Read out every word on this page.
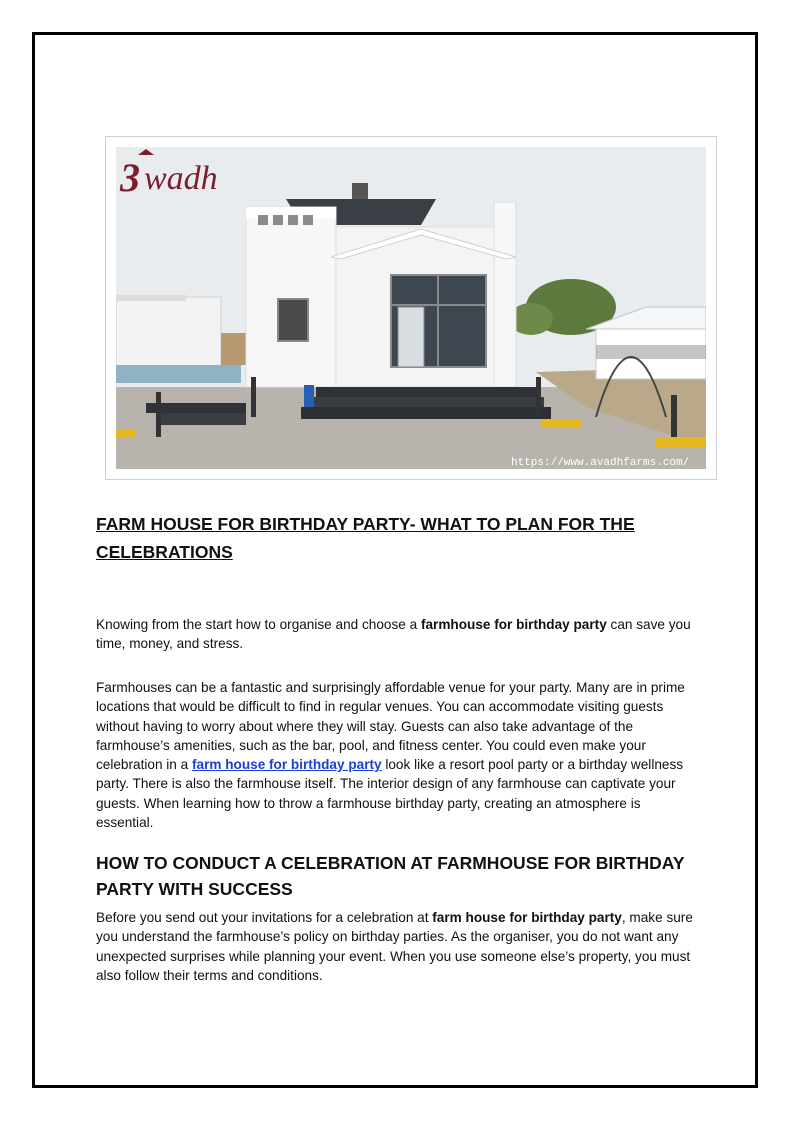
3 wadh
https://www.avadhfarms.com/
FARM HOUSE FOR BIRTHDAY PARTY- WHAT TO PLAN FOR THE CELEBRATIONS

Knowing from the start how to organise and choose a farmhouse for birthday party can save you time, money, and stress.

Farmhouses can be a fantastic and surprisingly affordable venue for your party. Many are in prime locations that would be difficult to find in regular venues. You can accommodate visiting guests without having to worry about where they will stay. Guests can also take advantage of the farmhouse’s amenities, such as the bar, pool, and fitness center. You could even make your celebration in a farm house for birthday party look like a resort pool party or a birthday wellness party. There is also the farmhouse itself. The interior design of any farmhouse can captivate your guests. When learning how to throw a farmhouse birthday party, creating an atmosphere is essential.

HOW TO CONDUCT A CELEBRATION AT FARMHOUSE FOR BIRTHDAY PARTY WITH SUCCESS

Before you send out your invitations for a celebration at farm house for birthday party, make sure you understand the farmhouse’s policy on birthday parties. As the organiser, you do not want any unexpected surprises while planning your event. When you use someone else’s property, you must also follow their terms and conditions.
